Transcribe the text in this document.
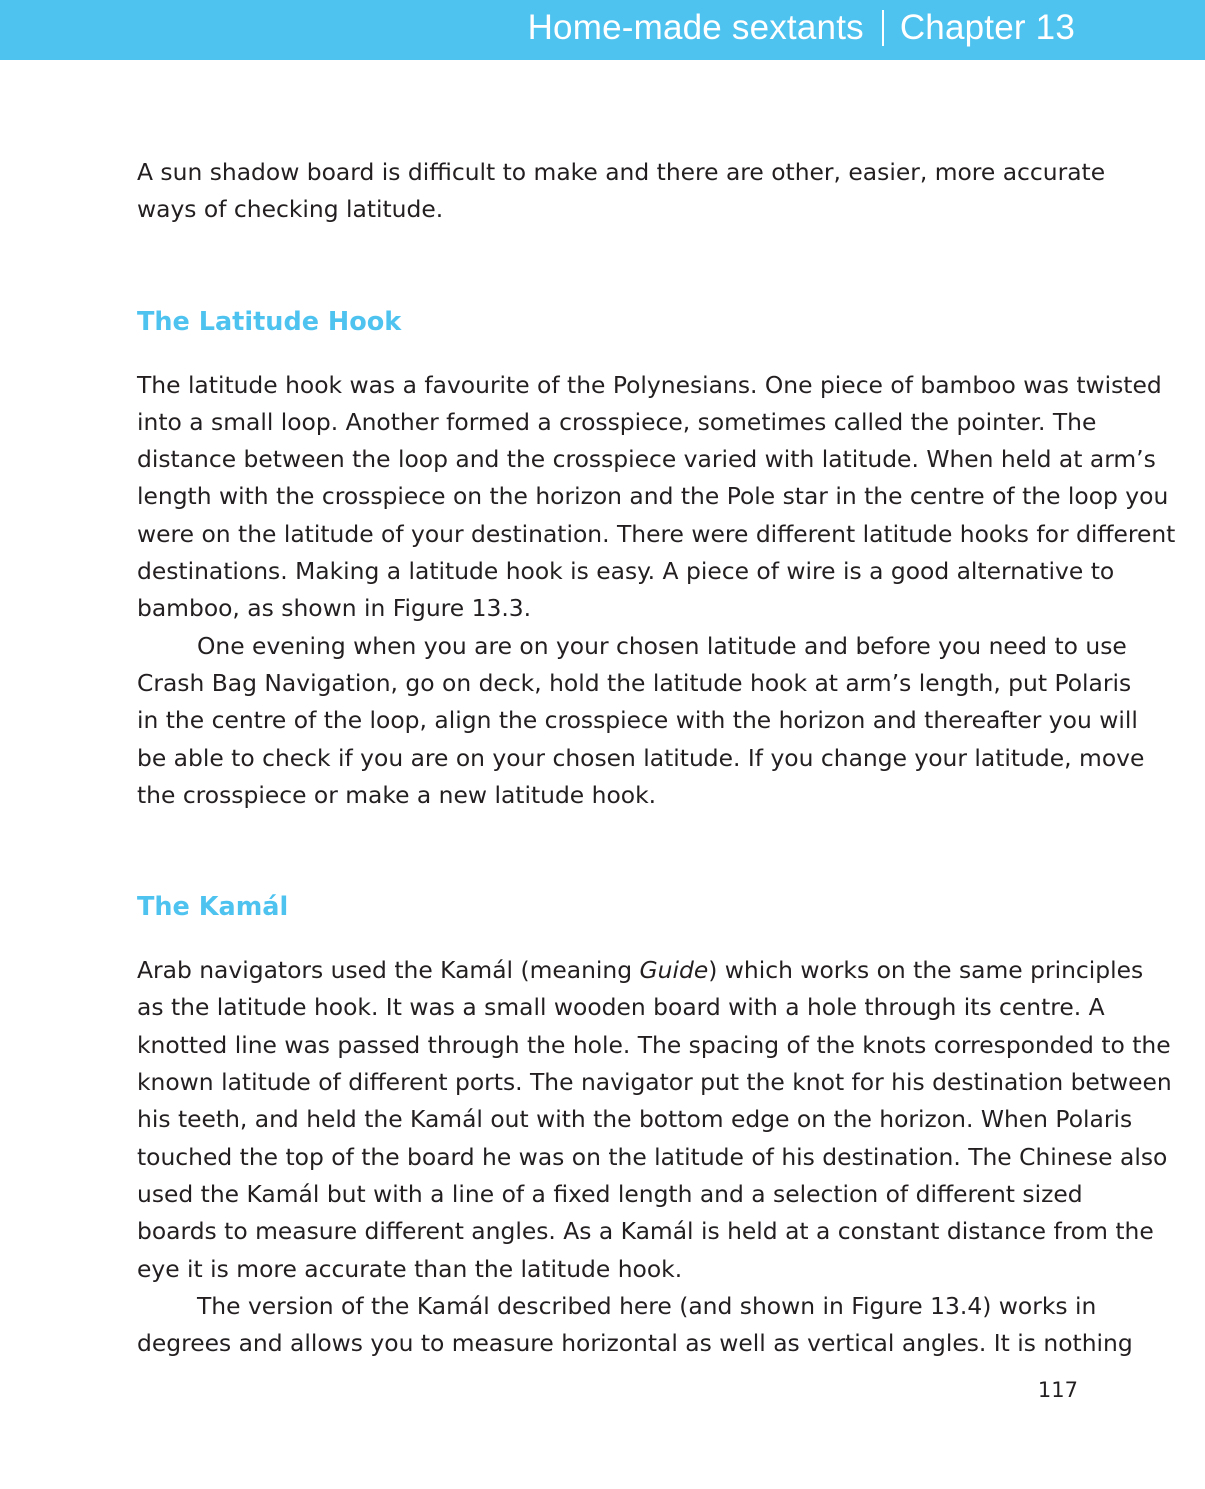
Home-made sextants Chapter 13

A sun shadow board is difficult to make and there are other, easier, more accurate
ways of checking latitude.

The Latitude Hook

The latitude hook was a favourite of the Polynesians. One piece of bamboo was twisted
into a small loop. Another formed a crosspiece, sometimes called the pointer. The
distance between the loop and the crosspiece varied with latitude. When held at arm’s
length with the crosspiece on the horizon and the Pole star in the centre of the loop you
were on the latitude of your destination. There were different latitude hooks for different
destinations. Making a latitude hook is easy. A piece of wire is a good alternative to
bamboo, as shown in Figure 13.3.

One evening when you are on your chosen latitude and before you need to use
Crash Bag Navigation, go on deck, hold the latitude hook at arm’s length, put Polaris
in the centre of the loop, align the crosspiece with the horizon and thereafter you will
be able to check if you are on your chosen latitude. If you change your latitude, move
the crosspiece or make a new latitude hook.

The Kamál

Arab navigators used the Kamál (meaning Guide) which works on the same principles
as the latitude hook. It was a small wooden board with a hole through its centre. A
knotted line was passed through the hole. The spacing of the knots corresponded to the
known latitude of different ports. The navigator put the knot for his destination between
his teeth, and held the Kamál out with the bottom edge on the horizon. When Polaris
touched the top of the board he was on the latitude of his destination. The Chinese also
used the Kamál but with a line of a fixed length and a selection of different sized
boards to measure different angles. As a Kamál is held at a constant distance from the
eye it is more accurate than the latitude hook.

The version of the Kamál described here (and shown in Figure 13.4) works in
degrees and allows you to measure horizontal as well as vertical angles. It is nothing

117
